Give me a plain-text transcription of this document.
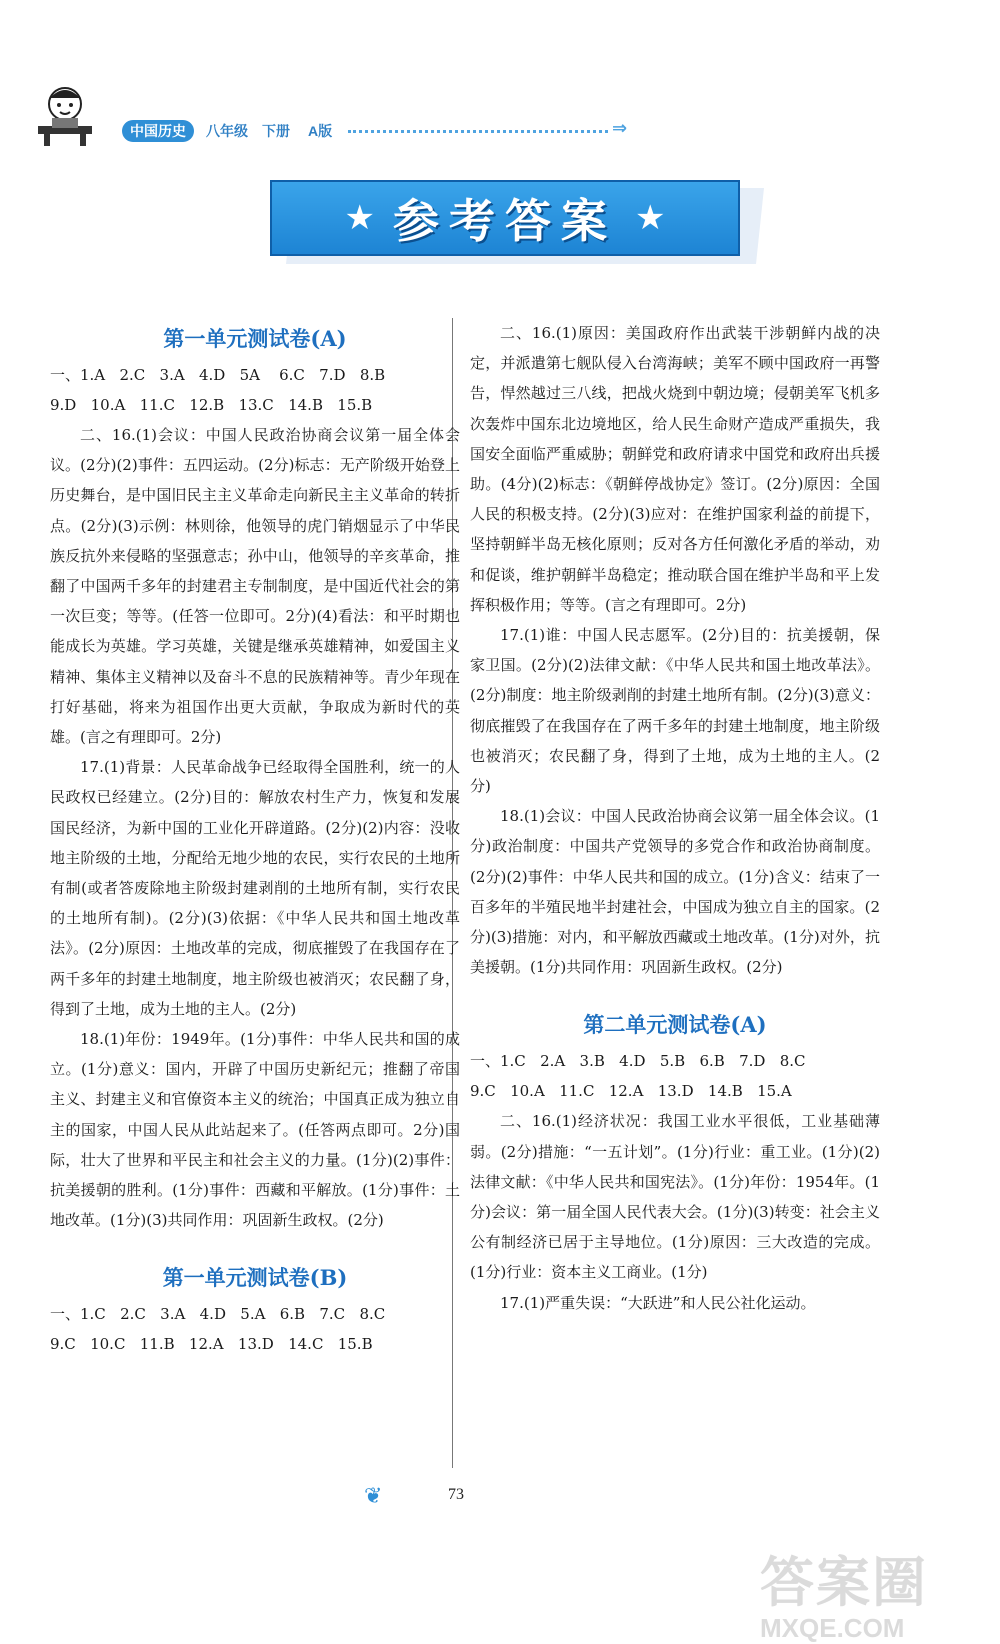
中国历史	八年级 下册 A版	⇒
★ 参考答案 ★
第一单元测试卷(A)

一、1.A   2.C   3.A   4.D   5A    6.C   7.D   8.B

9.D   10.A   11.C   12.B   13.C   14.B   15.B

二、16.(1)会议：中国人民政治协商会议第一届全体会议。(2分)(2)事件：五四运动。(2分)标志：无产阶级开始登上历史舞台，是中国旧民主主义革命走向新民主主义革命的转折点。(2分)(3)示例：林则徐，他领导的虎门销烟显示了中华民族反抗外来侵略的坚强意志；孙中山，他领导的辛亥革命，推翻了中国两千多年的封建君主专制制度，是中国近代社会的第一次巨变；等等。(任答一位即可。2分)(4)看法：和平时期也能成长为英雄。学习英雄，关键是继承英雄精神，如爱国主义精神、集体主义精神以及奋斗不息的民族精神等。青少年现在打好基础，将来为祖国作出更大贡献，争取成为新时代的英雄。(言之有理即可。2分)

17.(1)背景：人民革命战争已经取得全国胜利，统一的人民政权已经建立。(2分)目的：解放农村生产力，恢复和发展国民经济，为新中国的工业化开辟道路。(2分)(2)内容：没收地主阶级的土地，分配给无地少地的农民，实行农民的土地所有制(或者答废除地主阶级封建剥削的土地所有制，实行农民的土地所有制)。(2分)(3)依据：《中华人民共和国土地改革法》。(2分)原因：土地改革的完成，彻底摧毁了在我国存在了两千多年的封建土地制度，地主阶级也被消灭；农民翻了身，得到了土地，成为土地的主人。(2分)

18.(1)年份：1949年。(1分)事件：中华人民共和国的成立。(1分)意义：国内，开辟了中国历史新纪元；推翻了帝国主义、封建主义和官僚资本主义的统治；中国真正成为独立自主的国家，中国人民从此站起来了。(任答两点即可。2分)国际，壮大了世界和平民主和社会主义的力量。(1分)(2)事件：抗美援朝的胜利。(1分)事件：西藏和平解放。(1分)事件：土地改革。(1分)(3)共同作用：巩固新生政权。(2分)

第一单元测试卷(B)

一、1.C   2.C   3.A   4.D   5.A   6.B   7.C   8.C

9.C   10.C   11.B   12.A   13.D   14.C   15.B

二、16.(1)原因：美国政府作出武装干涉朝鲜内战的决定，并派遣第七舰队侵入台湾海峡；美军不顾中国政府一再警告，悍然越过三八线，把战火烧到中朝边境；侵朝美军飞机多次轰炸中国东北边境地区，给人民生命财产造成严重损失，我国安全面临严重威胁；朝鲜党和政府请求中国党和政府出兵援助。(4分)(2)标志：《朝鲜停战协定》签订。(2分)原因：全国人民的积极支持。(2分)(3)应对：在维护国家利益的前提下，坚持朝鲜半岛无核化原则；反对各方任何激化矛盾的举动，劝和促谈，维护朝鲜半岛稳定；推动联合国在维护半岛和平上发挥积极作用；等等。(言之有理即可。2分)

17.(1)谁：中国人民志愿军。(2分)目的：抗美援朝，保家卫国。(2分)(2)法律文献：《中华人民共和国土地改革法》。(2分)制度：地主阶级剥削的封建土地所有制。(2分)(3)意义：彻底摧毁了在我国存在了两千多年的封建土地制度，地主阶级也被消灭；农民翻了身，得到了土地，成为土地的主人。(2分)

18.(1)会议：中国人民政治协商会议第一届全体会议。(1分)政治制度：中国共产党领导的多党合作和政治协商制度。(2分)(2)事件：中华人民共和国的成立。(1分)含义：结束了一百多年的半殖民地半封建社会，中国成为独立自主的国家。(2分)(3)措施：对内，和平解放西藏或土地改革。(1分)对外，抗美援朝。(1分)共同作用：巩固新生政权。(2分)

第二单元测试卷(A)

一、1.C   2.A   3.B   4.D   5.B   6.B   7.D   8.C

9.C   10.A   11.C   12.A   13.D   14.B   15.A

二、16.(1)经济状况：我国工业水平很低，工业基础薄弱。(2分)措施：“一五计划”。(1分)行业：重工业。(1分)(2)法律文献：《中华人民共和国宪法》。(1分)年份：1954年。(1分)会议：第一届全国人民代表大会。(1分)(3)转变：社会主义公有制经济已居于主导地位。(1分)原因：三大改造的完成。(1分)行业：资本主义工商业。(1分)

17.(1)严重失误：“大跃进”和人民公社化运动。

❦	73
答案圈
MXQE.COM
